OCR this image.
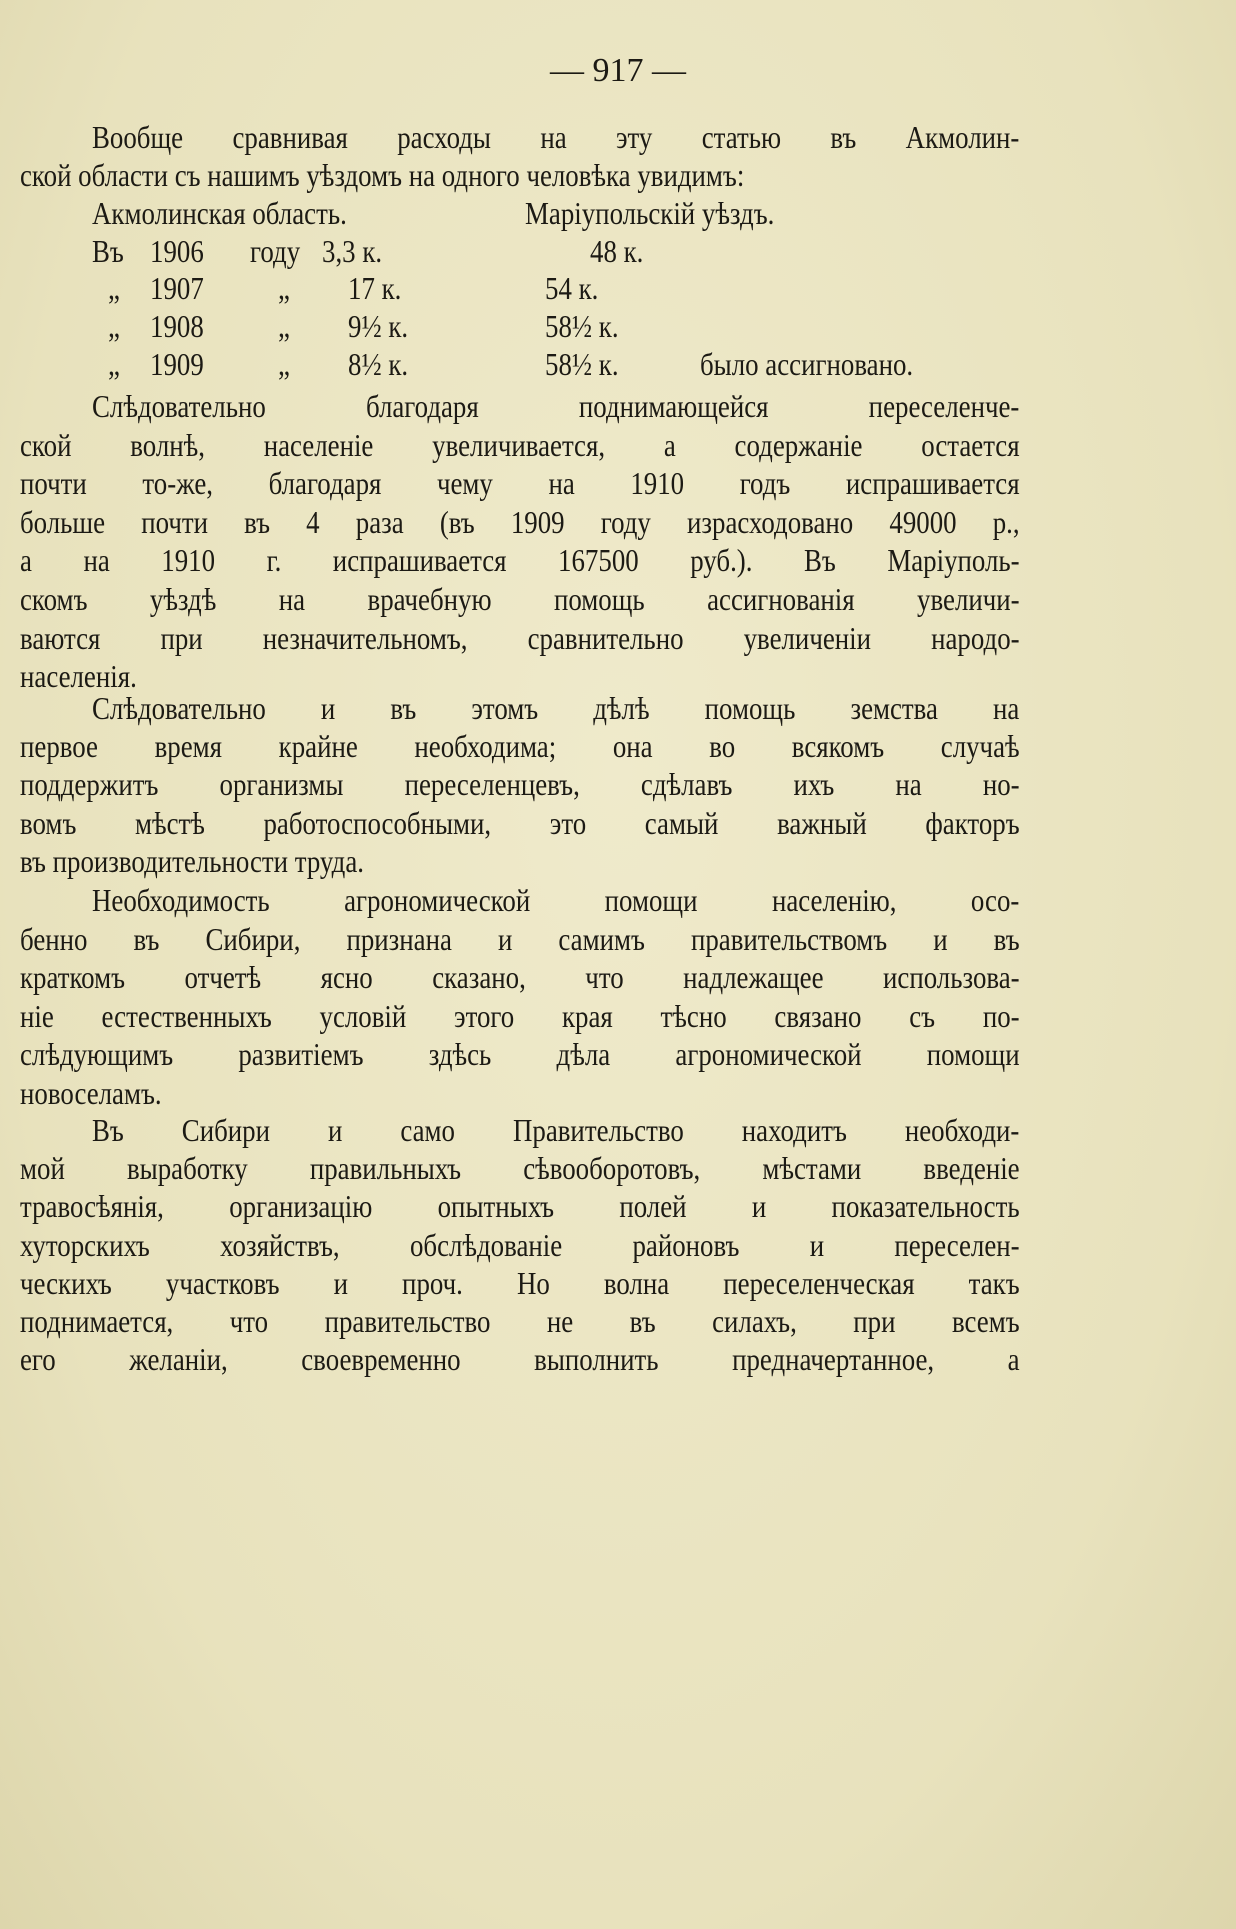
— 917 —
Вообще сравнивая расходы на эту статью въ Акмолин-
ской области съ нашимъ уѣздомъ на одного человѣка увидимъ:
Акмолинская область.	Маріупольскій уѣздъ.
Въ 1906 году 3,3 к.	48 к.
„ 1907 „ 17 к.	54 к.
„ 1908 „ 9½ к.	58½ к.
„ 1909 „ 8½ к.	58½ к.	было ассигновано.
Слѣдовательно благодаря поднимающейся переселенче-
ской волнѣ, населеніе увеличивается, а содержаніе остается
почти то-же, благодаря чему на 1910 годъ испрашивается
больше почти въ 4 раза (въ 1909 году израсходовано 49000 р.,
а на 1910 г. испрашивается 167500 руб.). Въ Маріуполь-
скомъ уѣздѣ на врачебную помощь ассигнованія увеличи-
ваются при незначительномъ, сравнительно увеличеніи народо-
населенія.
Слѣдовательно и въ этомъ дѣлѣ помощь земства на
первое время крайне необходима; она во всякомъ случаѣ
поддержитъ организмы переселенцевъ, сдѣлавъ ихъ на но-
вомъ мѣстѣ работоспособными, это самый важный факторъ
въ производительности труда.
Необходимость агрономической помощи населенію, осо-
бенно въ Сибири, признана и самимъ правительствомъ и въ
краткомъ отчетѣ ясно сказано, что надлежащее использова-
ніе естественныхъ условій этого края тѣсно связано съ по-
слѣдующимъ развитіемъ здѣсь дѣла агрономической помощи
новоселамъ.
Въ Сибири и само Правительство находитъ необходи-
мой выработку правильныхъ сѣвооборотовъ, мѣстами введеніе
травосѣянія, организацію опытныхъ полей и показательность
хуторскихъ хозяйствъ, обслѣдованіе районовъ и переселен-
ческихъ участковъ и проч. Но волна переселенческая такъ
поднимается, что правительство не въ силахъ, при всемъ
его желаніи, своевременно выполнить предначертанное, а
